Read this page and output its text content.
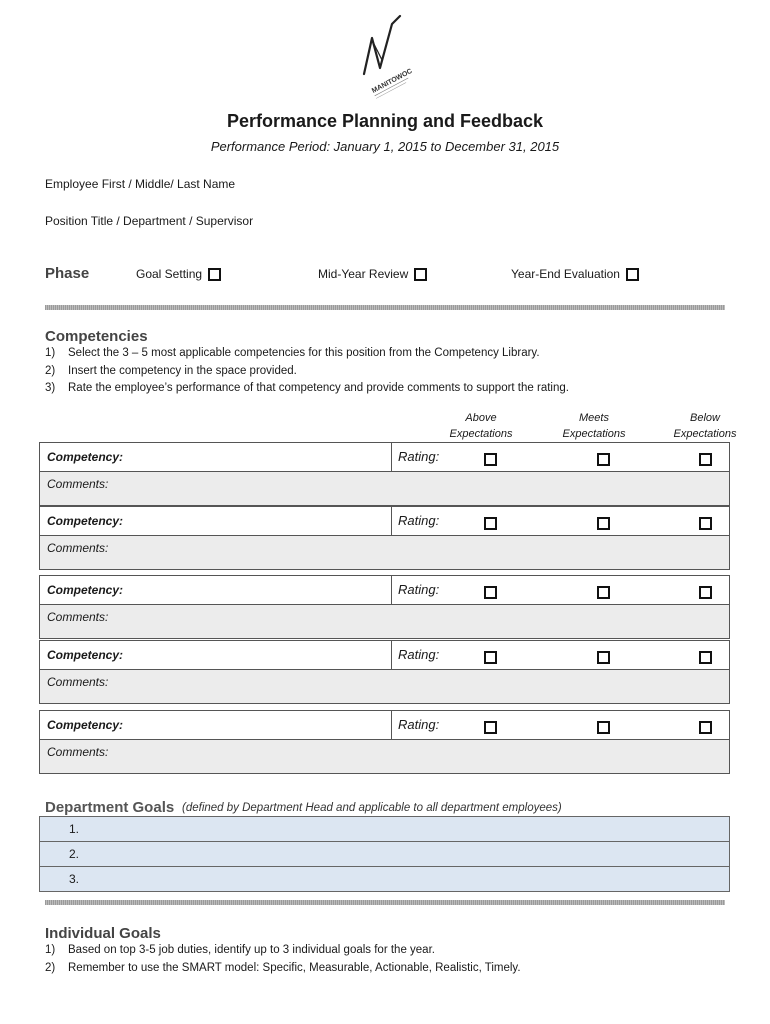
MANITOWOC
Performance Planning and Feedback
Performance Period: January 1, 2015 to December 31, 2015
Employee First / Middle/ Last Name
Position Title / Department / Supervisor
Phase	Goal Setting	Mid-Year Review	Year-End Evaluation
Competencies
1)	Select the 3 – 5 most applicable competencies for this position from the Competency Library.
2)	Insert the competency in the space provided.
3)	Rate the employee’s performance of that competency and provide comments to support the rating.
Above
Expectations
Meets
Expectations
Below
Expectations
Competency:	Rating:
Comments:
Competency:	Rating:
Comments:
Competency:	Rating:
Comments:
Competency:	Rating:
Comments:
Competency:	Rating:
Comments:
Department Goals (defined by Department Head and applicable to all department employees)
1.
2.
3.
Individual Goals
1)	Based on top 3-5 job duties, identify up to 3 individual goals for the year.
2)	Remember to use the SMART model: Specific, Measurable, Actionable, Realistic, Timely.
